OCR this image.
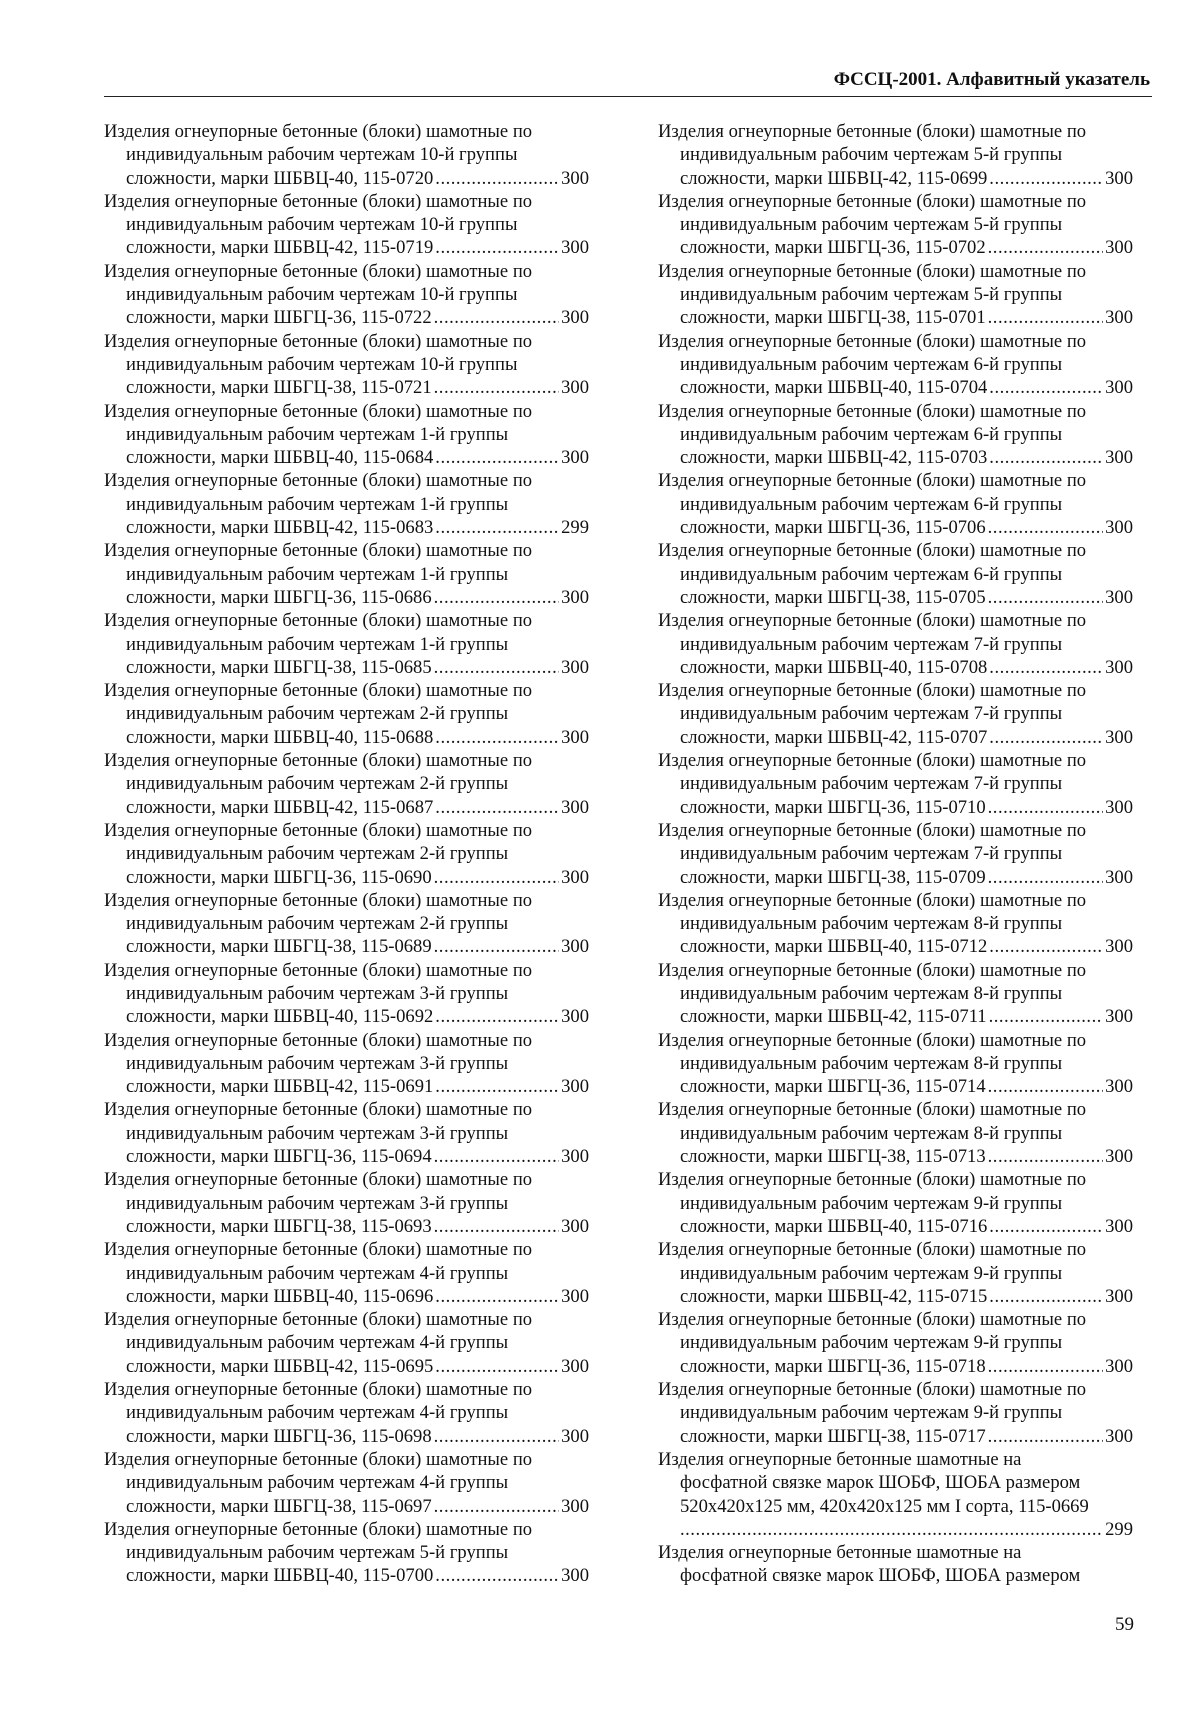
ФССЦ-2001. Алфавитный указатель
Изделия огнеупорные бетонные (блоки) шамотные по
индивидуальным рабочим чертежам 10-й группы
сложности, марки ШБВЦ-40, 115-0720 .....	300
Изделия огнеупорные бетонные (блоки) шамотные по
индивидуальным рабочим чертежам 10-й группы
сложности, марки ШБВЦ-42, 115-0719 .....	300
Изделия огнеупорные бетонные (блоки) шамотные по
индивидуальным рабочим чертежам 10-й группы
сложности, марки ШБГЦ-36, 115-0722 .....	300
Изделия огнеупорные бетонные (блоки) шамотные по
индивидуальным рабочим чертежам 10-й группы
сложности, марки ШБГЦ-38, 115-0721 .....	300
Изделия огнеупорные бетонные (блоки) шамотные по
индивидуальным рабочим чертежам 1-й группы
сложности, марки ШБВЦ-40, 115-0684 .....	300
Изделия огнеупорные бетонные (блоки) шамотные по
индивидуальным рабочим чертежам 1-й группы
сложности, марки ШБВЦ-42, 115-0683 .....	299
Изделия огнеупорные бетонные (блоки) шамотные по
индивидуальным рабочим чертежам 1-й группы
сложности, марки ШБГЦ-36, 115-0686 .....	300
Изделия огнеупорные бетонные (блоки) шамотные по
индивидуальным рабочим чертежам 1-й группы
сложности, марки ШБГЦ-38, 115-0685 .....	300
Изделия огнеупорные бетонные (блоки) шамотные по
индивидуальным рабочим чертежам 2-й группы
сложности, марки ШБВЦ-40, 115-0688 .....	300
Изделия огнеупорные бетонные (блоки) шамотные по
индивидуальным рабочим чертежам 2-й группы
сложности, марки ШБВЦ-42, 115-0687 .....	300
Изделия огнеупорные бетонные (блоки) шамотные по
индивидуальным рабочим чертежам 2-й группы
сложности, марки ШБГЦ-36, 115-0690 .....	300
Изделия огнеупорные бетонные (блоки) шамотные по
индивидуальным рабочим чертежам 2-й группы
сложности, марки ШБГЦ-38, 115-0689 .....	300
Изделия огнеупорные бетонные (блоки) шамотные по
индивидуальным рабочим чертежам 3-й группы
сложности, марки ШБВЦ-40, 115-0692 .....	300
Изделия огнеупорные бетонные (блоки) шамотные по
индивидуальным рабочим чертежам 3-й группы
сложности, марки ШБВЦ-42, 115-0691 .....	300
Изделия огнеупорные бетонные (блоки) шамотные по
индивидуальным рабочим чертежам 3-й группы
сложности, марки ШБГЦ-36, 115-0694 .....	300
Изделия огнеупорные бетонные (блоки) шамотные по
индивидуальным рабочим чертежам 3-й группы
сложности, марки ШБГЦ-38, 115-0693 .....	300
Изделия огнеупорные бетонные (блоки) шамотные по
индивидуальным рабочим чертежам 4-й группы
сложности, марки ШБВЦ-40, 115-0696 .....	300
Изделия огнеупорные бетонные (блоки) шамотные по
индивидуальным рабочим чертежам 4-й группы
сложности, марки ШБВЦ-42, 115-0695 .....	300
Изделия огнеупорные бетонные (блоки) шамотные по
индивидуальным рабочим чертежам 4-й группы
сложности, марки ШБГЦ-36, 115-0698 .....	300
Изделия огнеупорные бетонные (блоки) шамотные по
индивидуальным рабочим чертежам 4-й группы
сложности, марки ШБГЦ-38, 115-0697 .....	300
Изделия огнеупорные бетонные (блоки) шамотные по
индивидуальным рабочим чертежам 5-й группы
сложности, марки ШБВЦ-40, 115-0700 .....	300
Изделия огнеупорные бетонные (блоки) шамотные по
индивидуальным рабочим чертежам 5-й группы
сложности, марки ШБВЦ-42, 115-0699 .....	300
Изделия огнеупорные бетонные (блоки) шамотные по
индивидуальным рабочим чертежам 5-й группы
сложности, марки ШБГЦ-36, 115-0702 .....	300
Изделия огнеупорные бетонные (блоки) шамотные по
индивидуальным рабочим чертежам 5-й группы
сложности, марки ШБГЦ-38, 115-0701 .....	300
Изделия огнеупорные бетонные (блоки) шамотные по
индивидуальным рабочим чертежам 6-й группы
сложности, марки ШБВЦ-40, 115-0704 .....	300
Изделия огнеупорные бетонные (блоки) шамотные по
индивидуальным рабочим чертежам 6-й группы
сложности, марки ШБВЦ-42, 115-0703 .....	300
Изделия огнеупорные бетонные (блоки) шамотные по
индивидуальным рабочим чертежам 6-й группы
сложности, марки ШБГЦ-36, 115-0706 .....	300
Изделия огнеупорные бетонные (блоки) шамотные по
индивидуальным рабочим чертежам 6-й группы
сложности, марки ШБГЦ-38, 115-0705 .....	300
Изделия огнеупорные бетонные (блоки) шамотные по
индивидуальным рабочим чертежам 7-й группы
сложности, марки ШБВЦ-40, 115-0708 .....	300
Изделия огнеупорные бетонные (блоки) шамотные по
индивидуальным рабочим чертежам 7-й группы
сложности, марки ШБВЦ-42, 115-0707 .....	300
Изделия огнеупорные бетонные (блоки) шамотные по
индивидуальным рабочим чертежам 7-й группы
сложности, марки ШБГЦ-36, 115-0710 .....	300
Изделия огнеупорные бетонные (блоки) шамотные по
индивидуальным рабочим чертежам 7-й группы
сложности, марки ШБГЦ-38, 115-0709 .....	300
Изделия огнеупорные бетонные (блоки) шамотные по
индивидуальным рабочим чертежам 8-й группы
сложности, марки ШБВЦ-40, 115-0712 .....	300
Изделия огнеупорные бетонные (блоки) шамотные по
индивидуальным рабочим чертежам 8-й группы
сложности, марки ШБВЦ-42, 115-0711 .....	300
Изделия огнеупорные бетонные (блоки) шамотные по
индивидуальным рабочим чертежам 8-й группы
сложности, марки ШБГЦ-36, 115-0714 .....	300
Изделия огнеупорные бетонные (блоки) шамотные по
индивидуальным рабочим чертежам 8-й группы
сложности, марки ШБГЦ-38, 115-0713 .....	300
Изделия огнеупорные бетонные (блоки) шамотные по
индивидуальным рабочим чертежам 9-й группы
сложности, марки ШБВЦ-40, 115-0716 .....	300
Изделия огнеупорные бетонные (блоки) шамотные по
индивидуальным рабочим чертежам 9-й группы
сложности, марки ШБВЦ-42, 115-0715 .....	300
Изделия огнеупорные бетонные (блоки) шамотные по
индивидуальным рабочим чертежам 9-й группы
сложности, марки ШБГЦ-36, 115-0718 .....	300
Изделия огнеупорные бетонные (блоки) шамотные по
индивидуальным рабочим чертежам 9-й группы
сложности, марки ШБГЦ-38, 115-0717 .....	300
Изделия огнеупорные бетонные шамотные на
фосфатной связке марок ШОБФ, ШОБА размером
520х420х125 мм, 420х420х125 мм I сорта, 115-0669
.....
299
Изделия огнеупорные бетонные шамотные на
фосфатной связке марок ШОБФ, ШОБА размером
59
